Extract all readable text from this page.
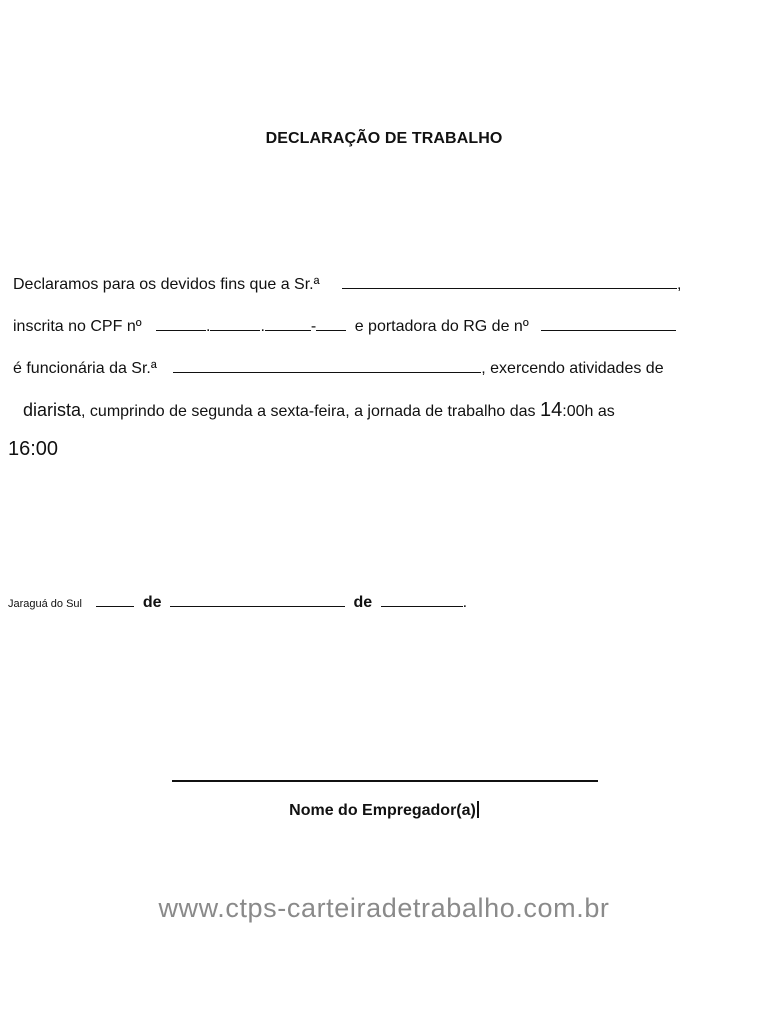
DECLARAÇÃO DE TRABALHO
Declaramos para os devidos fins que a Sr.ª	,
inscrita no CPF nº	.	.	- e portadora do RG de nº
é funcionária da Sr.ª	, exercendo atividades de
diarista, cumprindo de segunda a sexta-feira, a jornada de trabalho das 14:00h as
16:00
Jaraguá do Sul	de	de	.
Nome do Empregador(a)
www.ctps-carteiradetrabalho.com.br
